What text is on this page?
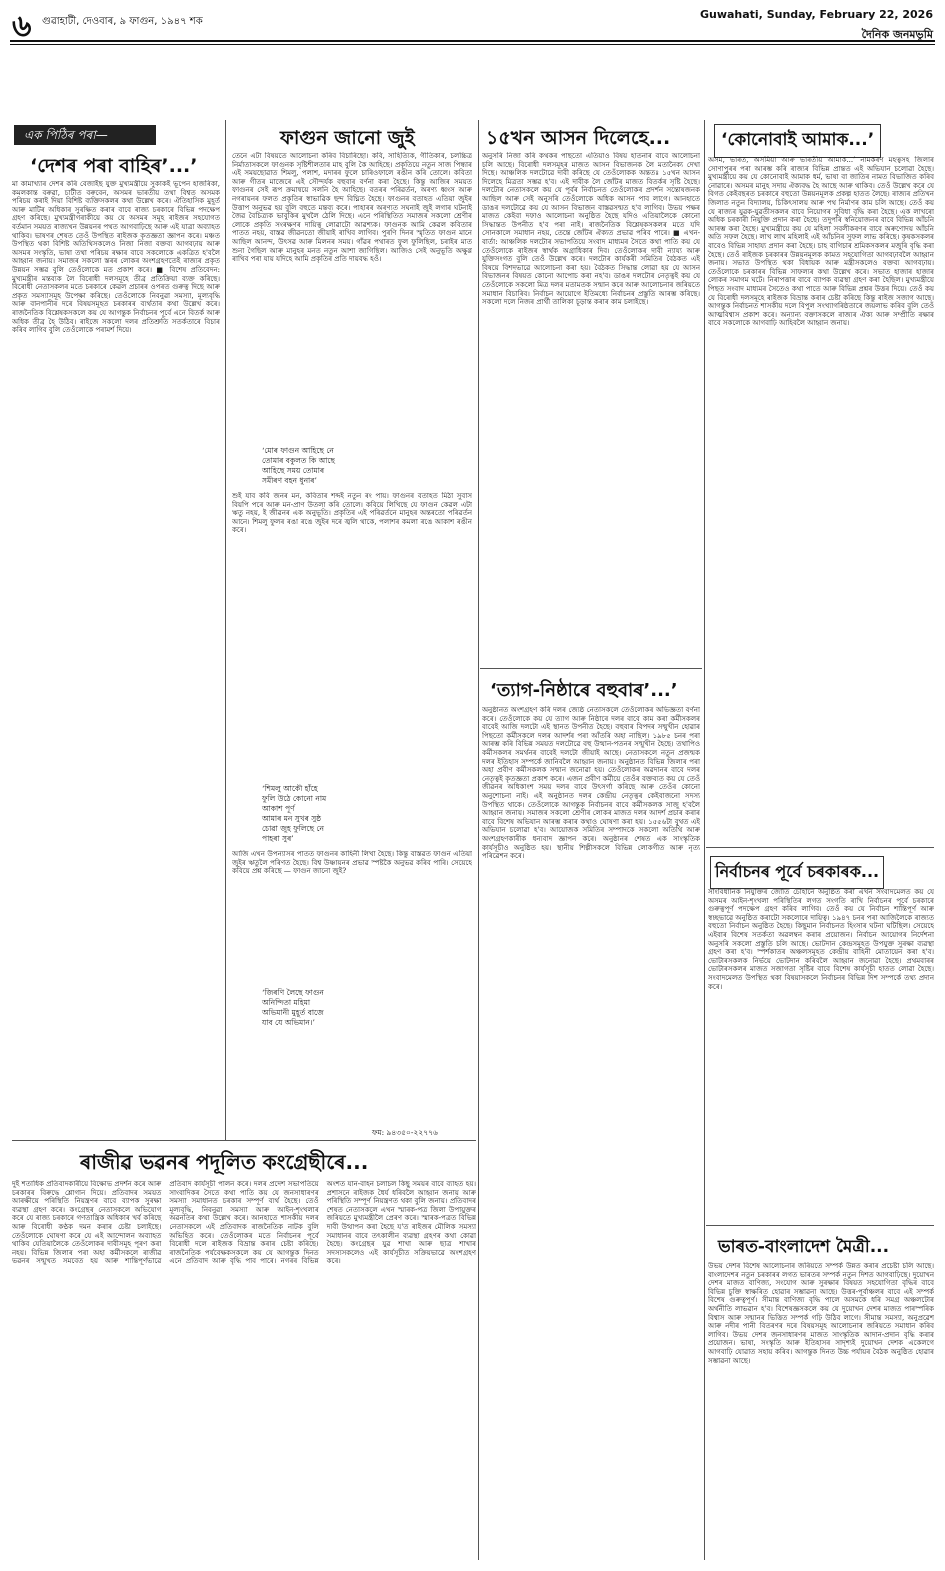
৬ গুৱাহাটী, দেওবাৰ, ৯ ফাগুন, ১৯৪৭ শক
Guwahati, Sunday, February 22, 2026
দৈনিক জনমভূমি
এক পিঠিৰ পৰা—
‘দেশৰ পৰা বাহিৰ’...’
মা কামাখ্যাৰ দেশৰ কৰি বেজাইছ যুক্ত মুখ্যমন্ত্ৰীয়ে সুকাকই ভূপেন হাজৰিকা, কমলকান্ত বৰুৱা, চাটীত বৰুবেন, অসমৰ ভাৰতীয় তথা বিশ্বত অসমক পৰিচয় কৰাই দিয়া বিশিষ্ট ব্যক্তিসকলৰ কথা উল্লেখ কৰে। ঐতিহাসিক মুহূৰ্ত আৰু মাটিৰ অধিকাৰ সুৰক্ষিত কৰাৰ বাবে ৰাজ্য চৰকাৰে বিভিন্ন পদক্ষেপ গ্ৰহণ কৰিছে। মুখ্যমন্ত্ৰীগৰাকীয়ে কয় যে অসমৰ সমূহ ৰাইজৰ সহযোগত বৰ্তমান সময়ত ৰাজ্যখন উন্নয়নৰ পথত আগবাঢ়িছে আৰু এই যাত্ৰা অব্যাহত থাকিব। ভাষণৰ শেষত তেওঁ উপস্থিত ৰাইজক কৃতজ্ঞতা জ্ঞাপন কৰে। মঞ্চত উপস্থিত থকা বিশিষ্ট অতিথিসকলেও নিজা নিজা বক্তব্য আগবঢ়ায় আৰু অসমৰ সংস্কৃতি, ভাষা তথা পৰিচয় ৰক্ষাৰ বাবে সকলোকে একত্ৰিত হ'বলৈ আহ্বান জনায়। সমাজৰ সকলো স্তৰৰ লোকৰ অংশগ্ৰহণতেই ৰাজ্যৰ প্ৰকৃত উন্নয়ন সম্ভৱ বুলি তেওঁলোকে মত প্ৰকাশ কৰে। ■ বিশেষ প্ৰতিবেদন: মুখ্যমন্ত্ৰীৰ মন্তব্যক লৈ বিৰোধী দলসমূহে তীব্ৰ প্ৰতিক্ৰিয়া ব্যক্ত কৰিছে। বিৰোধী নেতাসকলৰ মতে চৰকাৰে কেৱল প্ৰচাৰৰ ওপৰত গুৰুত্ব দিছে আৰু প্ৰকৃত সমস্যাসমূহ উপেক্ষা কৰিছে। তেওঁলোকে নিবনুৱা সমস্যা, মূল্যবৃদ্ধি আৰু বানপানীৰ দৰে বিষয়সমূহত চৰকাৰৰ ব্যৰ্থতাৰ কথা উল্লেখ কৰে। ৰাজনৈতিক বিশ্লেষকসকলে কয় যে আগন্তুক নিৰ্বাচনৰ পূৰ্বে এনে বিতৰ্ক আৰু অধিক তীব্ৰ হৈ উঠিব। ৰাইজে সকলো দলৰ প্ৰতিশ্ৰুতি সতৰ্কতাৰে বিচাৰ কৰিব লাগিব বুলি তেওঁলোকে পৰামৰ্শ দিয়ে।
ফাগুন জানো জুই
তেনে এটা বিষয়তে আলোচনা কৰিব বিচাৰিছো। কবি, সাহিত্যিক, গীতিকাৰ, চলচ্চিত্ৰ নিৰ্মাতাসকলে ফাগুনক সৃষ্টিশীলতাৰ মাহ বুলি কৈ আহিছে। প্ৰকৃতিয়ে নতুন সাজ পিন্ধাৰ এই সময়ছোৱাত শিমলু, পলাশ, মদাৰৰ ফুলে চাৰিওফালে ৰঙীন কৰি তোলে। কবিতা আৰু গীতৰ মাজেৰে এই সৌন্দৰ্যক বহুবাৰ বৰ্ণনা কৰা হৈছে। কিন্তু আজিৰ সময়ত ফাগুনৰ সেই ৰূপ ক্ৰমান্বয়ে সলনি হৈ আহিছে। বতৰৰ পৰিৱৰ্তন, অৰণ্য ধ্বংস আৰু নগৰায়নৰ ফলত প্ৰকৃতিৰ স্বাভাৱিক ছন্দ বিঘ্নিত হৈছে। ফাগুনৰ বতাহত এতিয়া জুইৰ উত্তাপ অনুভৱ হয় বুলি বহুতে মন্তব্য কৰে। পাহাৰৰ অৰণ্যত সঘনাই জুই লগাৰ ঘটনাই জৈৱ বৈচিত্ৰ্যক ভাবুকিৰ মুখলৈ ঠেলি দিছে। এনে পৰিস্থিতিত সমাজৰ সকলো শ্ৰেণীৰ লোকে প্ৰকৃতি সংৰক্ষণৰ দায়িত্ব লোৱাটো আৱশ্যক। ফাগুনক আমি কেৱল কবিতাৰ পাতত নহয়, বাস্তৱ জীৱনতো জীয়াই ৰাখিব লাগিব। পুৰণি দিনৰ স্মৃতিত ফাগুন মানে আছিল আনন্দ, উৎসৱ আৰু মিলনৰ সময়। গাঁৱৰ পথাৰত ফুল ফুলিছিল, চৰাইৰ মাত শুনা গৈছিল আৰু মানুহৰ মনত নতুন আশা জাগিছিল। আজিও সেই অনুভূতি অক্ষুণ্ণ ৰাখিব পৰা যায় যদিহে আমি প্ৰকৃতিৰ প্ৰতি দায়বদ্ধ হওঁ।
‘মোৰ ফাগুন আহিছে নে
তোমাৰ বকুলত কি আছে
আহিছে সময় তোমাৰ
সমীৰণ বহন ধুনাৰ’
শুই যাব কবি জনৰ মন, কবিতাৰ শব্দই নতুন ৰং পায়। ফাগুনৰ বতাহত মিঠা সুবাস বিয়পি পৰে আৰু মন-প্ৰাণ উতলা কৰি তোলে। কবিয়ে লিখিছে যে ফাগুন কেৱল এটা ঋতু নহয়, ই জীৱনৰ এক অনুভূতি। প্ৰকৃতিৰ এই পৰিৱৰ্তনে মানুহৰ অন্তৰতো পৰিৱৰ্তন আনে। শিমলু ফুলৰ ৰঙা ৰঙে জুইৰ দৰে জ্বলি থাকে, পলাশৰ কমলা ৰঙে আকাশ ৰঙীন কৰে।
‘শিমলু আকৌ হাঁহে
ফুলি উঠে কোনো নাম
আকাশ পূৰ্ণ
আমাৰ মন সুখৰ সুষ্ঠ
চোৱা জুহ ফুলিছে নে
পাহৰা সুৰ’
আজি এখন উপন্যাসৰ পাতত ফাগুনৰ কাহিনী লিখা হৈছে। কিন্তু বাস্তৱত ফাগুন এতিয়া জুইৰ ঋতুলৈ পৰিণত হৈছে। বিশ্ব উষ্ণায়নৰ প্ৰভাৱ স্পষ্টকৈ অনুভৱ কৰিব পাৰি। সেয়েহে কবিয়ে প্ৰশ্ন কৰিছে — ফাগুন জানো জুই?
‘জিৰণি লৈছে ফাগুন
অনিন্দিতা মহিমা
অভিমানী মুহূৰ্ত বাজে
যাব যে অভিমান।’
ফম: ৯৪৩৫০-২২৭৭৬
ৰাজীৱ ভৱনৰ পদূলিত কংগ্ৰেছীৰে...
দুই শতাধিক প্ৰতিবাদকাৰীয়ে বিক্ষোভ প্ৰদৰ্শন কৰে আৰু চৰকাৰৰ বিৰুদ্ধে শ্লোগান দিয়ে। প্ৰতিবাদৰ সময়ত আৰক্ষীয়ে পৰিস্থিতি নিয়ন্ত্ৰণৰ বাবে ব্যাপক সুৰক্ষা ব্যৱস্থা গ্ৰহণ কৰে। কংগ্ৰেছৰ নেতাসকলে অভিযোগ কৰে যে ৰাজ্য চৰকাৰে গণতান্ত্ৰিক অধিকাৰ খৰ্ব কৰিছে আৰু বিৰোধী কণ্ঠক দমন কৰাৰ চেষ্টা চলাইছে। তেওঁলোকে ঘোষণা কৰে যে এই আন্দোলন অব্যাহত থাকিব যেতিয়ালৈকে তেওঁলোকৰ দাবীসমূহ পূৰণ কৰা নহয়। বিভিন্ন জিলাৰ পৰা অহা কৰ্মীসকলে ৰাজীৱ ভৱনৰ সন্মুখত সমবেত হয় আৰু শান্তিপূৰ্ণভাৱে প্ৰতিবাদ কাৰ্যসূচী পালন কৰে। দলৰ প্ৰদেশ সভাপতিয়ে সাংবাদিকৰ সৈতে কথা পাতি কয় যে জনসাধাৰণৰ সমস্যা সমাধানত চৰকাৰ সম্পূৰ্ণ ব্যৰ্থ হৈছে। তেওঁ মূল্যবৃদ্ধি, নিবনুৱা সমস্যা আৰু আইন-শৃংখলাৰ অৱনতিৰ কথা উল্লেখ কৰে। আনহাতে শাসকীয় দলৰ নেতাসকলে এই প্ৰতিবাদক ৰাজনৈতিক নাটক বুলি অভিহিত কৰে। তেওঁলোকৰ মতে নিৰ্বাচনৰ পূৰ্বে বিৰোধী দলে ৰাইজক বিভ্ৰান্ত কৰাৰ চেষ্টা কৰিছে। ৰাজনৈতিক পৰ্যবেক্ষকসকলে কয় যে আগন্তুক দিনত এনে প্ৰতিবাদ আৰু বৃদ্ধি পাব পাৰে। নগৰৰ বিভিন্ন অংশত যান-বাহন চলাচল কিছু সময়ৰ বাবে ব্যাহত হয়। প্ৰশাসনে ৰাইজক ধৈৰ্য ধৰিবলৈ আহ্বান জনায় আৰু পৰিস্থিতি সম্পূৰ্ণ নিয়ন্ত্ৰণত থকা বুলি জনায়। প্ৰতিবাদৰ শেষত নেতাসকলে এখন স্মাৰক-পত্ৰ জিলা উপায়ুক্তৰ জৰিয়তে মুখ্যমন্ত্ৰীলৈ প্ৰেৰণ কৰে। স্মাৰক-পত্ৰত বিভিন্ন দাবী উত্থাপন কৰা হৈছে য'ত ৰাইজৰ মৌলিক সমস্যা সমাধানৰ বাবে তৎকালীন ব্যৱস্থা গ্ৰহণৰ কথা কোৱা হৈছে। কংগ্ৰেছৰ যুৱ শাখা আৰু ছাত্ৰ শাখাৰ সদস্যসকলেও এই কাৰ্যসূচীত সক্ৰিয়ভাৱে অংশগ্ৰহণ কৰে।
১৫খন আসন দিলেহে...
অনুসৰি নিজা কৰি কথকৰ পাছতো এতিয়াও বিষয় হাতনাৰ বাবে আলোচনা চলি আছে। বিৰোধী দলসমূহৰ মাজত আসন বিভাজনক লৈ মতানৈক্য দেখা দিছে। আঞ্চলিক দলটোৱে দাবী কৰিছে যে তেওঁলোকক অন্ততঃ ১৫খন আসন দিলেহে মিত্ৰতা সম্ভৱ হ'ব। এই দাবীক লৈ জোঁটৰ মাজত বিতৰ্কৰ সৃষ্টি হৈছে। দলটোৰ নেতাসকলে কয় যে পূৰ্বৰ নিৰ্বাচনত তেওঁলোকৰ প্ৰদৰ্শন সন্তোষজনক আছিল আৰু সেই অনুসৰি তেওঁলোকে অধিক আসন পাব লাগে। আনহাতে ডাঙৰ দলটোৱে কয় যে আসন বিভাজন বাস্তৱসন্মত হ'ব লাগিব। উভয় পক্ষৰ মাজত কেইবা দফাও আলোচনা অনুষ্ঠিত হৈছে যদিও এতিয়ালৈকে কোনো সিদ্ধান্তত উপনীত হ'ব পৰা নাই। ৰাজনৈতিক বিশ্লেষকসকলৰ মতে যদি সোনকালে সমাধান নহয়, তেন্তে জোঁটৰ ঐক্যত প্ৰভাৱ পৰিব পাৰে। ■ এখন-বাৰ্তা: আঞ্চলিক দলটোৰ সভাপতিয়ে সংবাদ মাধ্যমৰ সৈতে কথা পাতি কয় যে তেওঁলোকে ৰাইজৰ স্বাৰ্থক অগ্ৰাধিকাৰ দিব। তেওঁলোকৰ দাবী ন্যায্য আৰু যুক্তিসংগত বুলি তেওঁ উল্লেখ কৰে। দলটোৰ কাৰ্যকৰী সমিতিৰ বৈঠকত এই বিষয়ে বিশদভাৱে আলোচনা কৰা হয়। বৈঠকত সিদ্ধান্ত লোৱা হয় যে আসন বিভাজনৰ বিষয়ত কোনো আপোচ কৰা নহ'ব। ডাঙৰ দলটোৰ নেতৃত্বই কয় যে তেওঁলোকে সকলো মিত্ৰ দলৰ মতামতক সন্মান কৰে আৰু আলোচনাৰ জৰিয়তে সমাধান বিচাৰিব। নিৰ্বাচন আয়োগে ইতিমধ্যে নিৰ্বাচনৰ প্ৰস্তুতি আৰম্ভ কৰিছে। সকলো দলে নিজৰ প্ৰাৰ্থী তালিকা চূড়ান্ত কৰাৰ কাম চলাইছে।
‘ত্যাগ-নিষ্ঠাৰে বহুবাৰ’...’
অনুষ্ঠানত অংশগ্ৰহণ কৰি দলৰ জ্যেষ্ঠ নেতাসকলে তেওঁলোকৰ অভিজ্ঞতা বৰ্ণনা কৰে। তেওঁলোকে কয় যে ত্যাগ আৰু নিষ্ঠাৰে দলৰ বাবে কাম কৰা কৰ্মীসকলৰ বাবেই আজি দলটো এই স্থানত উপনীত হৈছে। বহুবাৰ বিপদৰ সন্মুখীন হোৱাৰ পিছতো কৰ্মীসকলে দলৰ আদৰ্শৰ পৰা আঁতৰি অহা নাছিল। ১৯৮৫ চনৰ পৰা আৰম্ভ কৰি বিভিন্ন সময়ত দলটোৱে বহু উত্থান-পতনৰ সন্মুখীন হৈছে। তথাপিও কৰ্মীসকলৰ সমৰ্থনৰ বাবেই দলটো জীয়াই আছে। নেতাসকলে নতুন প্ৰজন্মক দলৰ ইতিহাস সম্পৰ্কে জানিবলৈ আহ্বান জনায়। অনুষ্ঠানত বিভিন্ন জিলাৰ পৰা অহা প্ৰবীণ কৰ্মীসকলক সন্মান জনোৱা হয়। তেওঁলোকৰ অৱদানৰ বাবে দলৰ নেতৃত্বই কৃতজ্ঞতা প্ৰকাশ কৰে। এজন প্ৰবীণ কৰ্মীয়ে তেওঁৰ বক্তব্যত কয় যে তেওঁ জীৱনৰ অধিকাংশ সময় দলৰ বাবে উৎসৰ্গা কৰিছে আৰু তেওঁৰ কোনো অনুশোচনা নাই। এই অনুষ্ঠানত দলৰ কেন্দ্ৰীয় নেতৃত্বৰ কেইবাজনো সদস্য উপস্থিত থাকে। তেওঁলোকে আগন্তুক নিৰ্বাচনৰ বাবে কৰ্মীসকলক সাজু হ'বলৈ আহ্বান জনায়। সমাজৰ সকলো শ্ৰেণীৰ লোকৰ মাজত দলৰ আদৰ্শ প্ৰচাৰ কৰাৰ বাবে বিশেষ অভিযান আৰম্ভ কৰাৰ কথাও ঘোষণা কৰা হয়। ১৫৫৬টা বুথত এই অভিযান চলোৱা হ'ব। আয়োজক সমিতিৰ সম্পাদকে সকলো অতিথি আৰু অংশগ্ৰহণকাৰীক ধন্যবাদ জ্ঞাপন কৰে। অনুষ্ঠানৰ শেষত এক সাংস্কৃতিক কাৰ্যসূচীও অনুষ্ঠিত হয়। স্থানীয় শিল্পীসকলে বিভিন্ন লোকগীত আৰু নৃত্য পৰিৱেশন কৰে।
‘কোনোবাই আমাক...’
অসম, ভাৰত, অসমিয়া আৰু ভাৰতীয় আমাক...’ নামকৰণ মহত্বসহ জিলাৰ সোণাপুৰৰ পৰা আৰম্ভ কৰি ৰাজ্যৰ বিভিন্ন প্ৰান্তত এই অভিযান চলোৱা হৈছে। মুখ্যমন্ত্ৰীয়ে কয় যে কোনোবাই আমাক ধৰ্ম, ভাষা বা জাতিৰ নামত বিভাজিত কৰিব নোৱাৰে। অসমৰ মানুহ সদায় ঐক্যবদ্ধ হৈ আছে আৰু থাকিব। তেওঁ উল্লেখ কৰে যে বিগত কেইবছৰত চৰকাৰে বহুতো উন্নয়নমূলক প্ৰকল্প হাতত লৈছে। ৰাজ্যৰ প্ৰতিখন জিলাত নতুন বিদ্যালয়, চিকিৎসালয় আৰু পথ নিৰ্মাণৰ কাম চলি আছে। তেওঁ কয় যে ৰাজ্যৰ যুৱক-যুৱতীসকলৰ বাবে নিয়োগৰ সুবিধা বৃদ্ধি কৰা হৈছে। এক লাখৰো অধিক চৰকাৰী নিযুক্তি প্ৰদান কৰা হৈছে। তদুপৰি স্বনিয়োজনৰ বাবে বিভিন্ন আঁচনি আৰম্ভ কৰা হৈছে। মুখ্যমন্ত্ৰীয়ে কয় যে মহিলা সবলীকৰণৰ বাবে অৰুণোদয় আঁচনি অতি সফল হৈছে। লাখ লাখ মহিলাই এই আঁচনিৰ সুফল লাভ কৰিছে। কৃষকসকলৰ বাবেও বিভিন্ন সাহায্য প্ৰদান কৰা হৈছে। চাহ বাগিচাৰ শ্ৰমিকসকলৰ মজুৰি বৃদ্ধি কৰা হৈছে। তেওঁ ৰাইজক চৰকাৰৰ উন্নয়নমূলক কামত সহযোগিতা আগবঢ়াবলৈ আহ্বান জনায়। সভাত উপস্থিত থকা বিধায়ক আৰু মন্ত্ৰীসকলেও বক্তব্য আগবঢ়ায়। তেওঁলোকে চৰকাৰৰ বিভিন্ন সাফল্যৰ কথা উল্লেখ কৰে। সভাত হাজাৰ হাজাৰ লোকৰ সমাগম ঘটে। নিৰাপত্তাৰ বাবে ব্যাপক ব্যৱস্থা গ্ৰহণ কৰা হৈছিল। মুখ্যমন্ত্ৰীয়ে পিছত সংবাদ মাধ্যমৰ সৈতেও কথা পাতে আৰু বিভিন্ন প্ৰশ্নৰ উত্তৰ দিয়ে। তেওঁ কয় যে বিৰোধী দলসমূহে ৰাইজক বিভ্ৰান্ত কৰাৰ চেষ্টা কৰিছে কিন্তু ৰাইজ সজাগ আছে। আগন্তুক নিৰ্বাচনত শাসকীয় দলে বিপুল সংখ্যাগৰিষ্ঠতাৰে জয়লাভ কৰিব বুলি তেওঁ আত্মবিশ্বাস প্ৰকাশ কৰে। অন্যান্য বক্তাসকলে ৰাজ্যৰ ঐক্য আৰু সম্প্ৰীতি ৰক্ষাৰ বাবে সকলোকে আগবাঢ়ি আহিবলৈ আহ্বান জনায়।
নিৰ্বাচনৰ পূৰ্বে চৰকাৰক...
সাংবিধানিক নিযুক্তিৰ জোতি চৌহানে অনুষ্ঠিত কৰা এখন সংবাদমেলত কয় যে অসমৰ আইন-শৃংখলা পৰিস্থিতিৰ লগত সংগতি ৰাখি নিৰ্বাচনৰ পূৰ্বে চৰকাৰে গুৰুত্বপূৰ্ণ পদক্ষেপ গ্ৰহণ কৰিব লাগিব। তেওঁ কয় যে নিৰ্বাচন শান্তিপূৰ্ণ আৰু স্বচ্ছভাৱে অনুষ্ঠিত কৰাটো সকলোৰে দায়িত্ব। ১৯৪৭ চনৰ পৰা আজিলৈকে ৰাজ্যত বহুতো নিৰ্বাচন অনুষ্ঠিত হৈছে। কিছুমান নিৰ্বাচনত হিংসাৰ ঘটনা ঘটিছিল। সেয়েহে এইবাৰ বিশেষ সতৰ্কতা অৱলম্বন কৰাৰ প্ৰয়োজন। নিৰ্বাচন আয়োগৰ নিৰ্দেশনা অনুসৰি সকলো প্ৰস্তুতি চলি আছে। ভোটদান কেন্দ্ৰসমূহত উপযুক্ত সুৰক্ষা ব্যৱস্থা গ্ৰহণ কৰা হ'ব। স্পৰ্শকাতৰ অঞ্চলসমূহত কেন্দ্ৰীয় বাহিনী মোতায়েন কৰা হ'ব। ভোটাৰসকলক নিৰ্ভয়ে ভোটদান কৰিবলৈ আহ্বান জনোৱা হৈছে। প্ৰথমবাৰৰ ভোটাৰসকলৰ মাজত সজাগতা সৃষ্টিৰ বাবে বিশেষ কাৰ্যসূচী হাতত লোৱা হৈছে। সংবাদমেলত উপস্থিত থকা বিষয়াসকলে নিৰ্বাচনৰ বিভিন্ন দিশ সম্পৰ্কে তথ্য প্ৰদান কৰে।
ভাৰত-বাংলাদেশ মৈত্ৰী...
উভয় দেশৰ বিশেষ আলোচনাৰ জৰিয়তে সম্পৰ্ক উন্নত কৰাৰ প্ৰচেষ্টা চলি আছে। বাংলাদেশৰ নতুন চৰকাৰৰ লগত ভাৰতৰ সম্পৰ্ক নতুন দিশত আগবাঢ়িছে। দুয়োখন দেশৰ মাজত বাণিজ্য, সংযোগ আৰু সুৰক্ষাৰ বিষয়ত সহযোগিতা বৃদ্ধিৰ বাবে বিভিন্ন চুক্তি স্বাক্ষৰিত হোৱাৰ সম্ভাৱনা আছে। উত্তৰ-পূৰ্বাঞ্চলৰ বাবে এই সম্পৰ্ক বিশেষ গুৰুত্বপূৰ্ণ। সীমান্ত বাণিজ্য বৃদ্ধি পালে অসমকে ধৰি সমগ্ৰ অঞ্চলটোৰ অৰ্থনীতি লাভৱান হ'ব। বিশেষজ্ঞসকলে কয় যে দুয়োখন দেশৰ মাজত পাৰস্পৰিক বিশ্বাস আৰু সন্মানৰ ভিত্তিত সম্পৰ্ক গঢ়ি উঠিব লাগে। সীমান্ত সমস্যা, অনুপ্ৰৱেশ আৰু নদীৰ পানী বিতৰণৰ দৰে বিষয়সমূহ আলোচনাৰ জৰিয়তে সমাধান কৰিব লাগিব। উভয় দেশৰ জনসাধাৰণৰ মাজত সাংস্কৃতিক আদান-প্ৰদান বৃদ্ধি কৰাৰ প্ৰয়োজন। ভাষা, সংস্কৃতি আৰু ইতিহাসৰ সাদৃশ্যই দুয়োখন দেশক একেলগে আগবাঢ়ি যোৱাত সহায় কৰিব। আগন্তুক দিনত উচ্চ পৰ্যায়ৰ বৈঠক অনুষ্ঠিত হোৱাৰ সম্ভাৱনা আছে।
